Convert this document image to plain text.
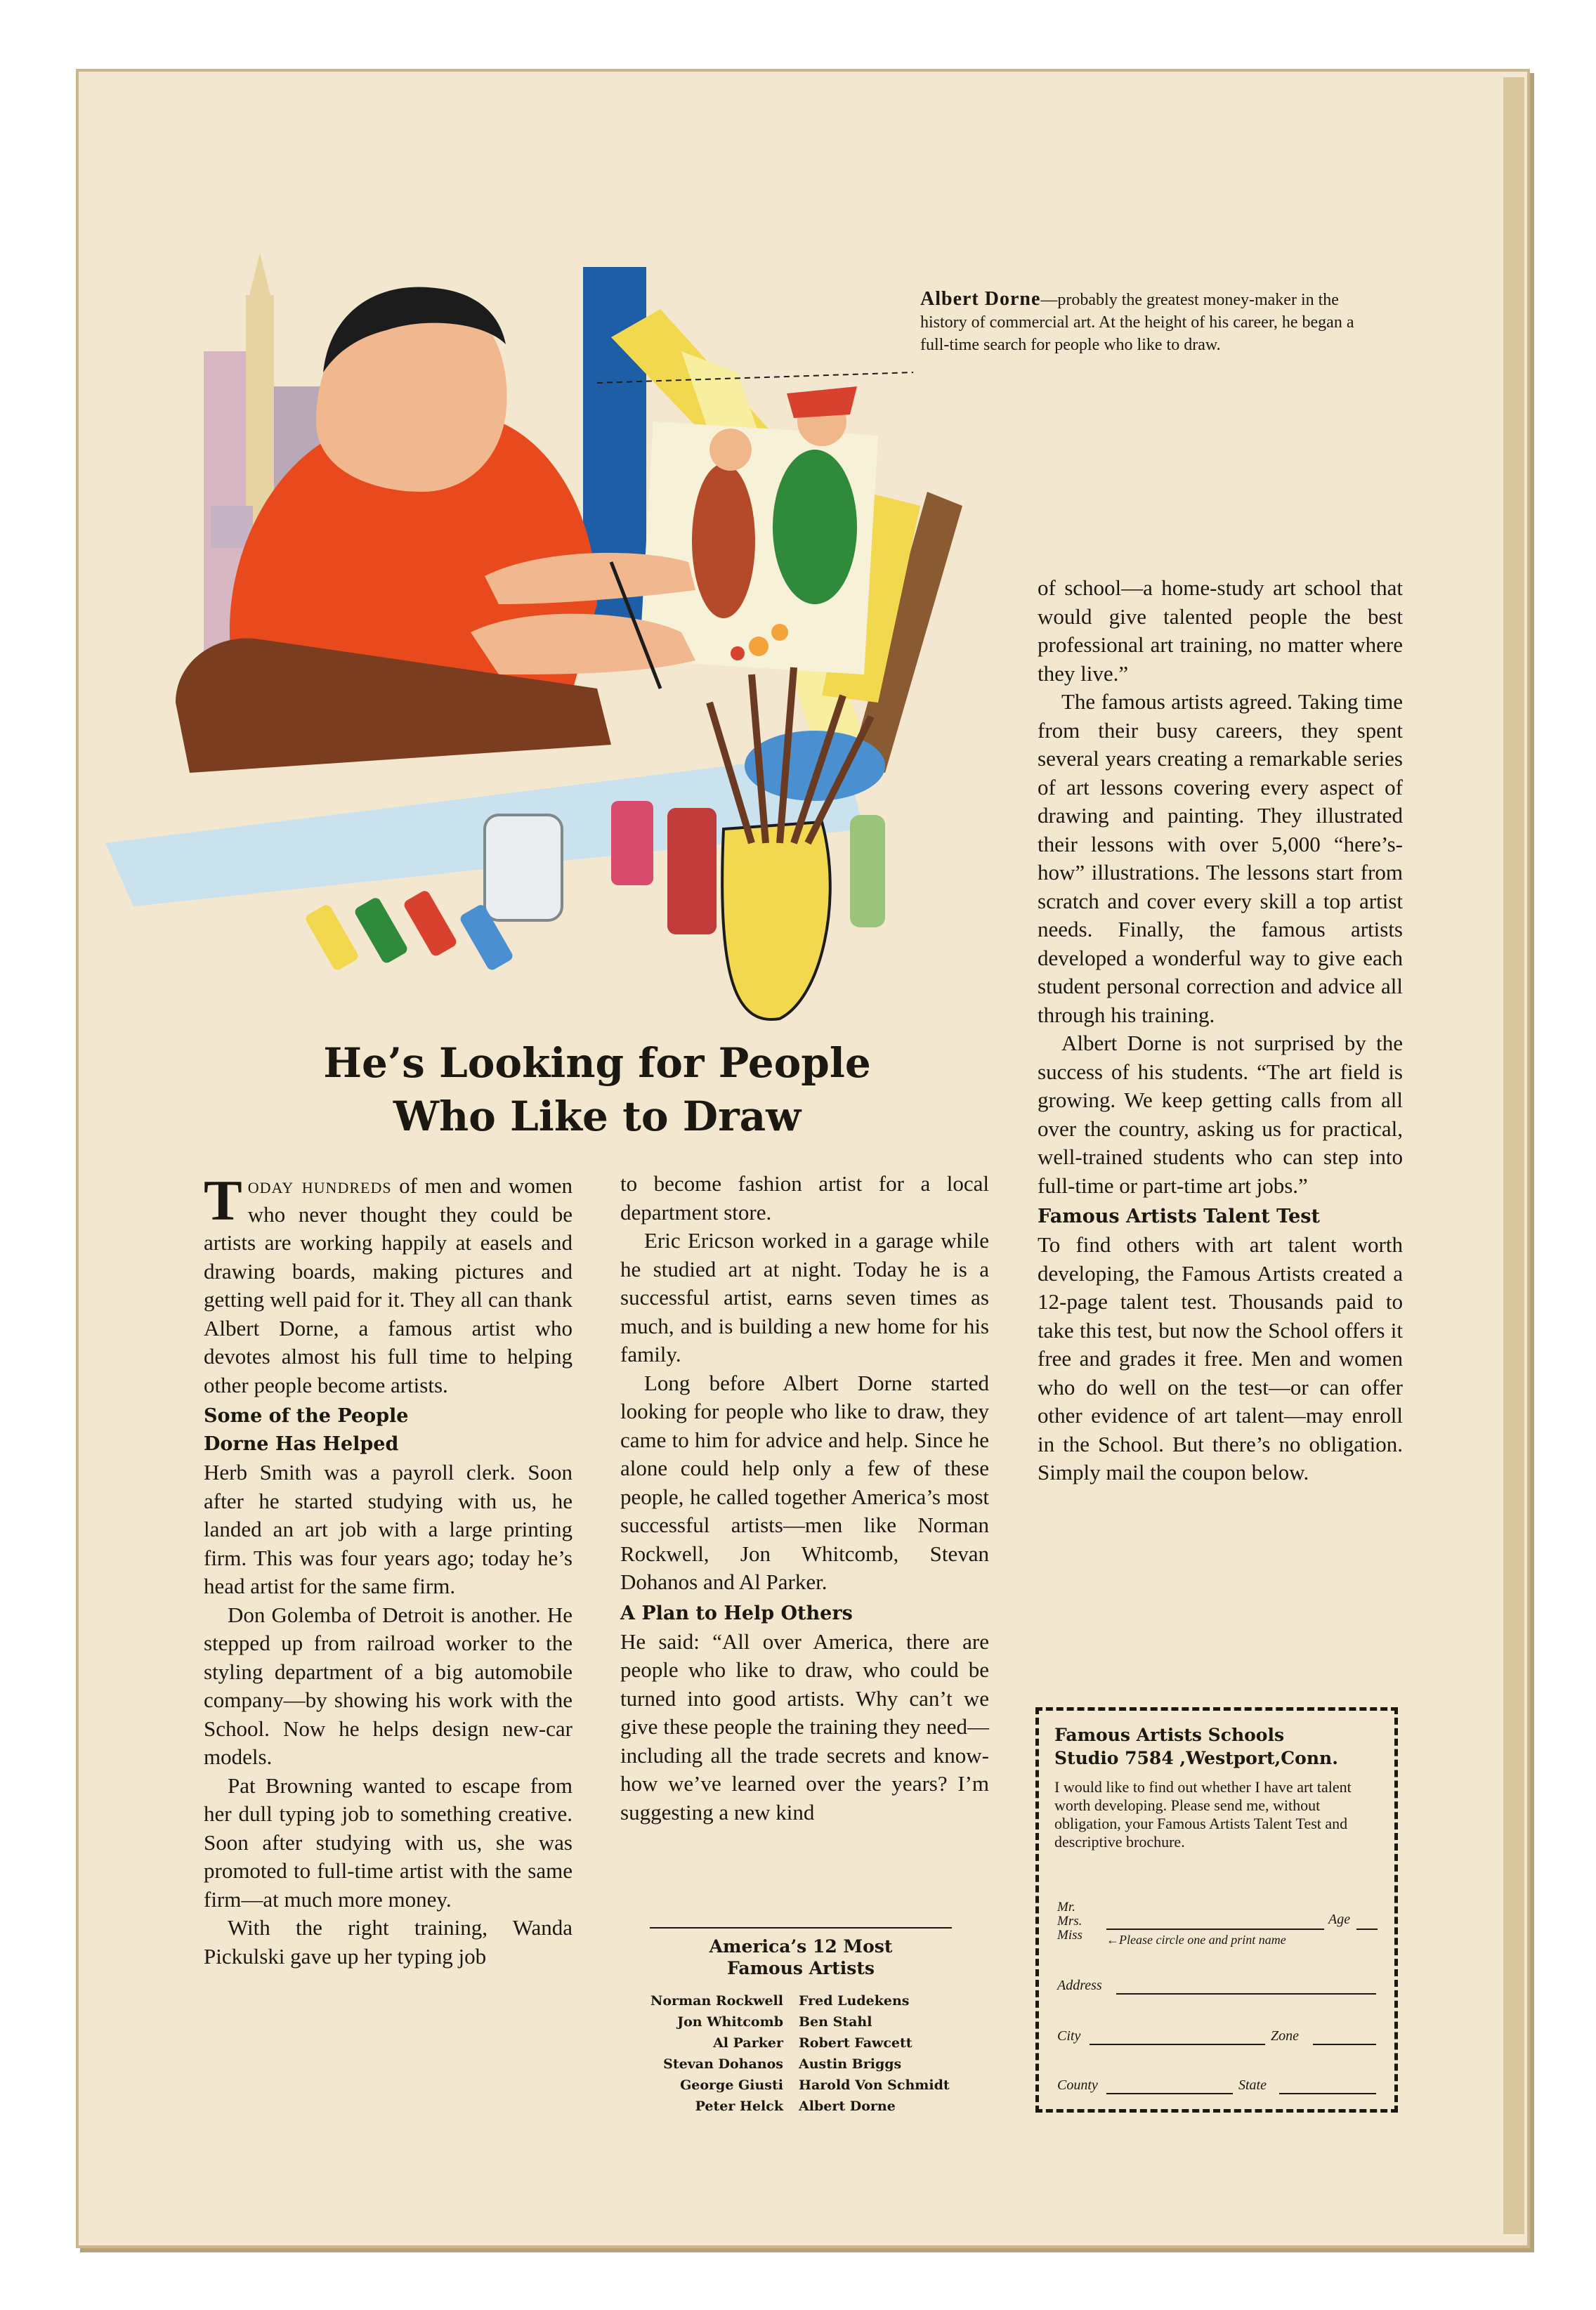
Albert Dorne—probably the greatest money-maker in the history of commercial art. At the height of his career, he began a full-time search for people who like to draw.
He’s Looking for People
Who Like to Draw

Today hundreds of men and women who never thought they could be artists are working happily at easels and drawing boards, making pictures and getting well paid for it. They all can thank Albert Dorne, a famous artist who devotes almost his full time to helping other people become artists.

Some of the People
Dorne Has Helped

Herb Smith was a payroll clerk. Soon after he started studying with us, he landed an art job with a large printing firm. This was four years ago; today he’s head artist for the same firm.

Don Golemba of Detroit is another. He stepped up from railroad worker to the styling department of a big automobile company—by showing his work with the School. Now he helps design new-car models.

Pat Browning wanted to escape from her dull typing job to something creative. Soon after studying with us, she was promoted to full-time artist with the same firm—at much more money.

With the right training, Wanda Pickulski gave up her typing job

to become fashion artist for a local department store.

Eric Ericson worked in a garage while he studied art at night. Today he is a successful artist, earns seven times as much, and is building a new home for his family.

Long before Albert Dorne started looking for people who like to draw, they came to him for advice and help. Since he alone could help only a few of these people, he called together America’s most successful artists—men like Norman Rockwell, Jon Whitcomb, Stevan Dohanos and Al Parker.

A Plan to Help Others

He said: “All over America, there are people who like to draw, who could be turned into good artists. Why can’t we give these people the training they need—including all the trade secrets and know-how we’ve learned over the years? I’m suggesting a new kind

of school—a home-study art school that would give talented people the best professional art training, no matter where they live.”

The famous artists agreed. Taking time from their busy careers, they spent several years creating a remarkable series of art lessons covering every aspect of drawing and painting. They illustrated their lessons with over 5,000 “here’s-how” illustrations. The lessons start from scratch and cover every skill a top artist needs. Finally, the famous artists developed a wonderful way to give each student personal correction and advice all through his training.

Albert Dorne is not surprised by the success of his students. “The art field is growing. We keep getting calls from all over the country, asking us for practical, well-trained students who can step into full-time or part-time art jobs.”

Famous Artists Talent Test

To find others with art talent worth developing, the Famous Artists created a 12-page talent test. Thousands paid to take this test, but now the School offers it free and grades it free. Men and women who do well on the test—or can offer other evidence of art talent—may enroll in the School. But there’s no obligation. Simply mail the coupon below.

America’s 12 Most
Famous Artists
Norman Rockwell	Fred Ludekens
Jon Whitcomb	Ben Stahl
Al Parker	Robert Fawcett
Stevan Dohanos	Austin Briggs
George Giusti	Harold Von Schmidt
Peter Helck	Albert Dorne
Famous Artists Schools
Studio 7584 ,Westport,Conn.
I would like to find out whether I have art talent worth developing. Please send me, without obligation, your Famous Artists Talent Test and descriptive brochure.
Mr.
Mrs.
Miss ←Please circle one and print name
Age
Address
City	Zone
County	State
